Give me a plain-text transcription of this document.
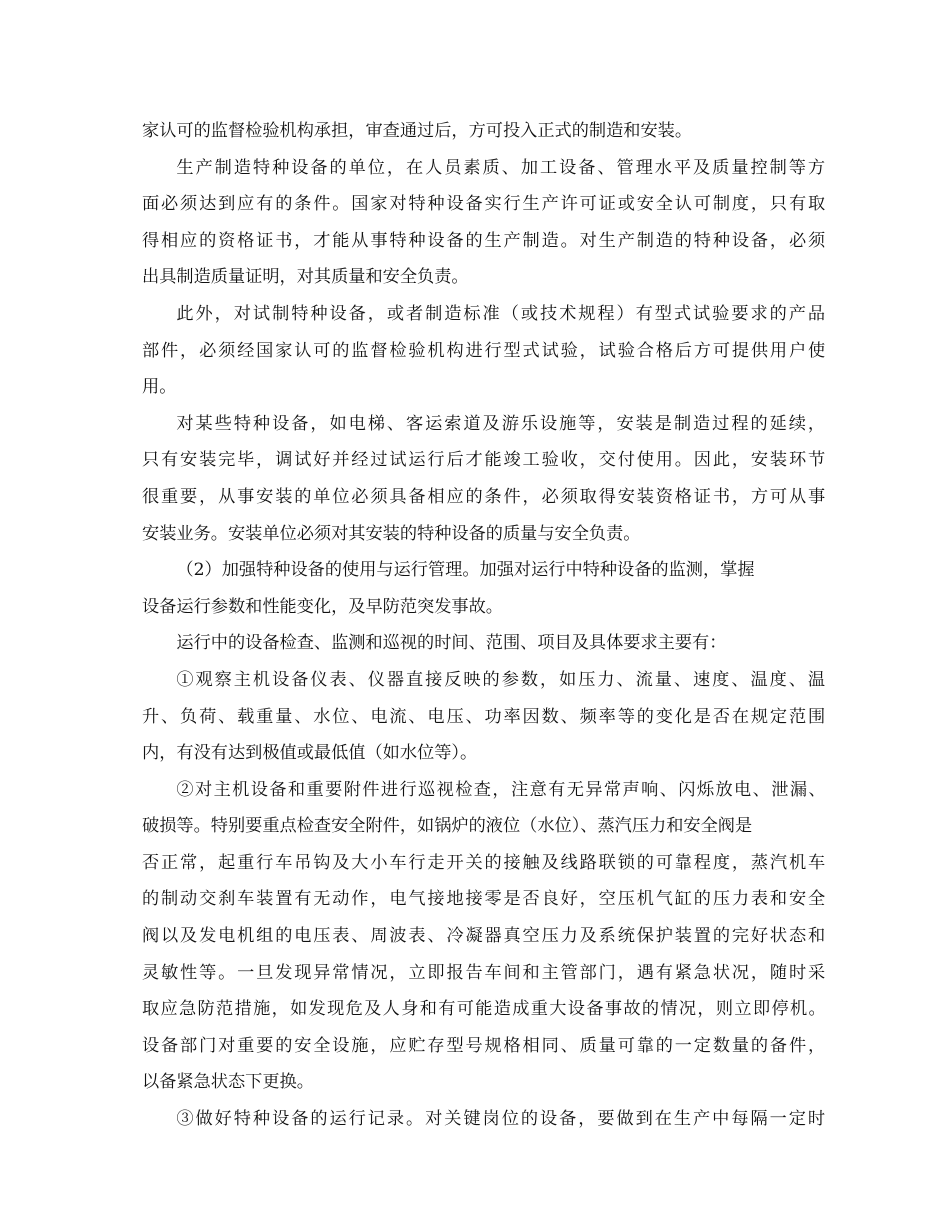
家认可的监督检验机构承担，审查通过后，方可投入正式的制造和安装。

生产制造特种设备的单位，在人员素质、加工设备、管理水平及质量控制等方
面必须达到应有的条件。国家对特种设备实行生产许可证或安全认可制度，只有取
得相应的资格证书，才能从事特种设备的生产制造。对生产制造的特种设备，必须
出具制造质量证明，对其质量和安全负责。

此外，对试制特种设备，或者制造标准（或技术规程）有型式试验要求的产品
部件，必须经国家认可的监督检验机构进行型式试验，试验合格后方可提供用户使
用。

对某些特种设备，如电梯、客运索道及游乐设施等，安装是制造过程的延续，
只有安装完毕，调试好并经过试运行后才能竣工验收，交付使用。因此，安装环节
很重要，从事安装的单位必须具备相应的条件，必须取得安装资格证书，方可从事
安装业务。安装单位必须对其安装的特种设备的质量与安全负责。

（2）加强特种设备的使用与运行管理。加强对运行中特种设备的监测，掌握
设备运行参数和性能变化，及早防范突发事故。

运行中的设备检查、监测和巡视的时间、范围、项目及具体要求主要有：

①观察主机设备仪表、仪器直接反映的参数，如压力、流量、速度、温度、温
升、负荷、载重量、水位、电流、电压、功率因数、频率等的变化是否在规定范围
内，有没有达到极值或最低值（如水位等）。

②对主机设备和重要附件进行巡视检查，注意有无异常声响、闪烁放电、泄漏、
破损等。特别要重点检查安全附件，如锅炉的液位（水位）、蒸汽压力和安全阀是
否正常，起重行车吊钩及大小车行走开关的接触及线路联锁的可靠程度，蒸汽机车
的制动交刹车装置有无动作，电气接地接零是否良好，空压机气缸的压力表和安全
阀以及发电机组的电压表、周波表、冷凝器真空压力及系统保护装置的完好状态和
灵敏性等。一旦发现异常情况，立即报告车间和主管部门，遇有紧急状况，随时采
取应急防范措施，如发现危及人身和有可能造成重大设备事故的情况，则立即停机。
设备部门对重要的安全设施，应贮存型号规格相同、质量可靠的一定数量的备件，
以备紧急状态下更换。

③做好特种设备的运行记录。对关键岗位的设备，要做到在生产中每隔一定时
